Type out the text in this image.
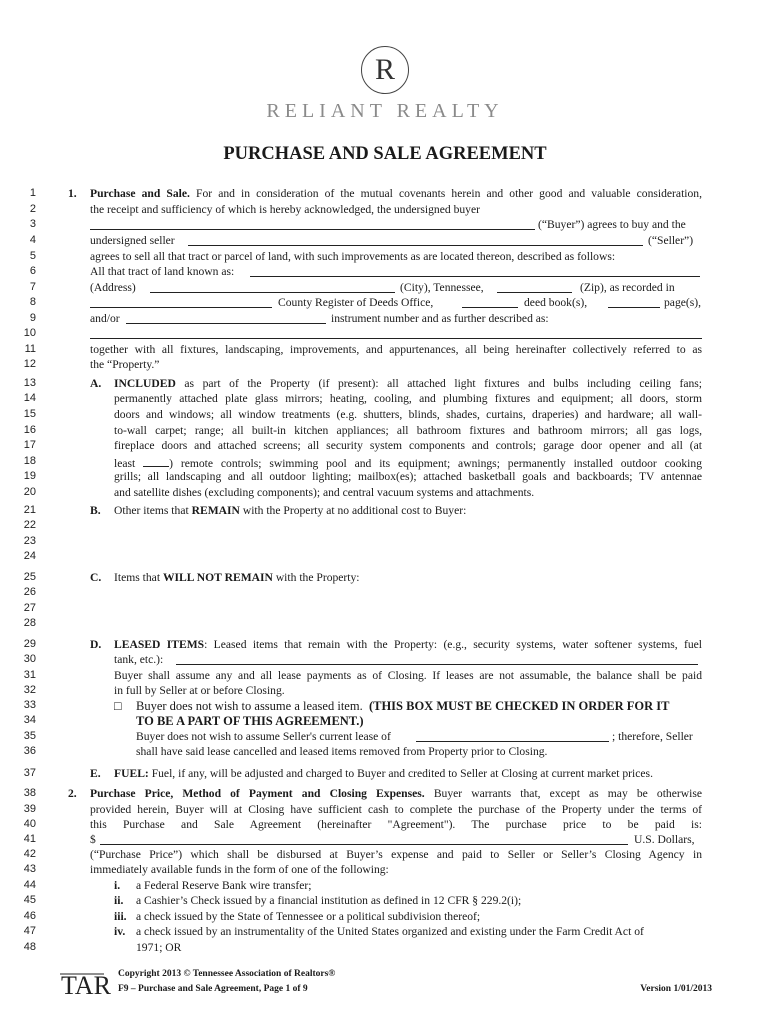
R
RELIANT REALTY
PURCHASE AND SALE AGREEMENT
1
2
3
4
5
6
7
8
9
10
11
12
13
14
15
16
17
18
19
20
21
22
23
24
25
26
27
28
29
30
31
32
33
34
35
36
37
38
39
40
41
42
43
44
45
46
47
48
1. Purchase and Sale. For and in consideration of the mutual covenants herein and other good and valuable consideration,
the receipt and sufficiency of which is hereby acknowledged, the undersigned buyer
(“Buyer”) agrees to buy and the
undersigned seller	(“Seller”)
agrees to sell all that tract or parcel of land, with such improvements as are located thereon, described as follows:
All that tract of land known as:
(Address)	(City), Tennessee,	(Zip), as recorded in
County Register of Deeds Office,	deed book(s),	page(s),
and/or	instrument number and as further described as:
together with all fixtures, landscaping, improvements, and appurtenances, all being hereinafter collectively referred to as
the “Property.”
A. INCLUDED as part of the Property (if present): all attached light fixtures and bulbs including ceiling fans;
permanently attached plate glass mirrors; heating, cooling, and plumbing fixtures and equipment; all doors, storm
doors and windows; all window treatments (e.g. shutters, blinds, shades, curtains, draperies) and hardware; all wall-
to-wall carpet; range; all built-in kitchen appliances; all bathroom fixtures and bathroom mirrors; all gas logs,
fireplace doors and attached screens; all security system components and controls; garage door opener and all (at
least	) remote controls; swimming pool and its equipment; awnings; permanently installed outdoor cooking
grills; all landscaping and all outdoor lighting; mailbox(es); attached basketball goals and backboards; TV antennae
and satellite dishes (excluding components); and central vacuum systems and attachments.
B. Other items that REMAIN with the Property at no additional cost to Buyer:
C. Items that WILL NOT REMAIN with the Property:
D. LEASED ITEMS: Leased items that remain with the Property: (e.g., security systems, water softener systems, fuel
tank, etc.):
Buyer shall assume any and all lease payments as of Closing. If leases are not assumable, the balance shall be paid
in full by Seller at or before Closing.
□ Buyer does not wish to assume a leased item. (THIS BOX MUST BE CHECKED IN ORDER FOR IT
TO BE A PART OF THIS AGREEMENT.)
Buyer does not wish to assume Seller's current lease of	; therefore, Seller
shall have said lease cancelled and leased items removed from Property prior to Closing.
E. FUEL: Fuel, if any, will be adjusted and charged to Buyer and credited to Seller at Closing at current market prices.
2. Purchase Price, Method of Payment and Closing Expenses. Buyer warrants that, except as may be otherwise
provided herein, Buyer will at Closing have sufficient cash to complete the purchase of the Property under the terms of
this Purchase and Sale Agreement (hereinafter "Agreement"). The purchase price to be paid is:
$	U.S. Dollars,
(“Purchase Price”) which shall be disbursed at Buyer’s expense and paid to Seller or Seller’s Closing Agency in
immediately available funds in the form of one of the following:
i. a Federal Reserve Bank wire transfer;
ii. a Cashier’s Check issued by a financial institution as defined in 12 CFR § 229.2(i);
iii. a check issued by the State of Tennessee or a political subdivision thereof;
iv. a check issued by an instrumentality of the United States organized and existing under the Farm Credit Act of
1971; OR
TAR Copyright 2013 © Tennessee Association of Realtors®
F9 – Purchase and Sale Agreement, Page 1 of 9	Version 1/01/2013
